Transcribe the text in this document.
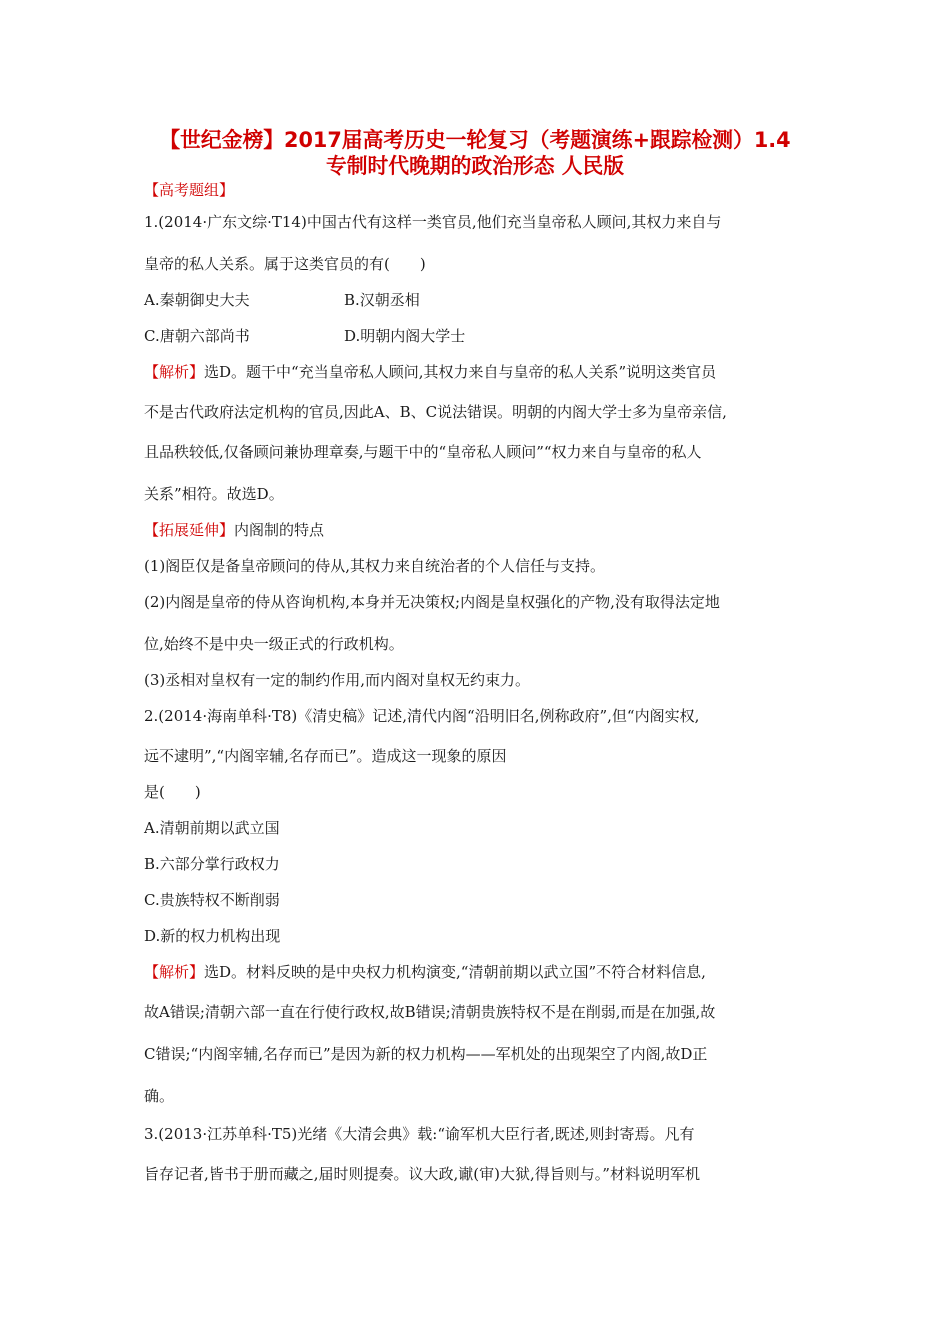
【世纪金榜】2017届高考历史一轮复习（考题演练+跟踪检测）1.4
专制时代晚期的政治形态 人民版
【高考题组】
1.(2014·广东文综·T14)中国古代有这样一类官员,他们充当皇帝私人顾问,其权力来自与
皇帝的私人关系。属于这类官员的有(　　)
A.秦朝御史大夫	B.汉朝丞相
C.唐朝六部尚书	D.明朝内阁大学士
【解析】选D。题干中“充当皇帝私人顾问,其权力来自与皇帝的私人关系”说明这类官员
不是古代政府法定机构的官员,因此A、B、C说法错误。明朝的内阁大学士多为皇帝亲信,
且品秩较低,仅备顾问兼协理章奏,与题干中的“皇帝私人顾问”“权力来自与皇帝的私人
关系”相符。故选D。
【拓展延伸】内阁制的特点
(1)阁臣仅是备皇帝顾问的侍从,其权力来自统治者的个人信任与支持。
(2)内阁是皇帝的侍从咨询机构,本身并无决策权;内阁是皇权强化的产物,没有取得法定地
位,始终不是中央一级正式的行政机构。
(3)丞相对皇权有一定的制约作用,而内阁对皇权无约束力。
2.(2014·海南单科·T8)《清史稿》记述,清代内阁“沿明旧名,例称政府”,但“内阁实权,
远不逮明”,“内阁宰辅,名存而已”。造成这一现象的原因
是(　　)
A.清朝前期以武立国
B.六部分掌行政权力
C.贵族特权不断削弱
D.新的权力机构出现
【解析】选D。材料反映的是中央权力机构演变,“清朝前期以武立国”不符合材料信息,
故A错误;清朝六部一直在行使行政权,故B错误;清朝贵族特权不是在削弱,而是在加强,故
C错误;“内阁宰辅,名存而已”是因为新的权力机构——军机处的出现架空了内阁,故D正
确。
3.(2013·江苏单科·T5)光绪《大清会典》载:“谕军机大臣行者,既述,则封寄焉。凡有
旨存记者,皆书于册而藏之,届时则提奏。议大政,谳(审)大狱,得旨则与。”材料说明军机
